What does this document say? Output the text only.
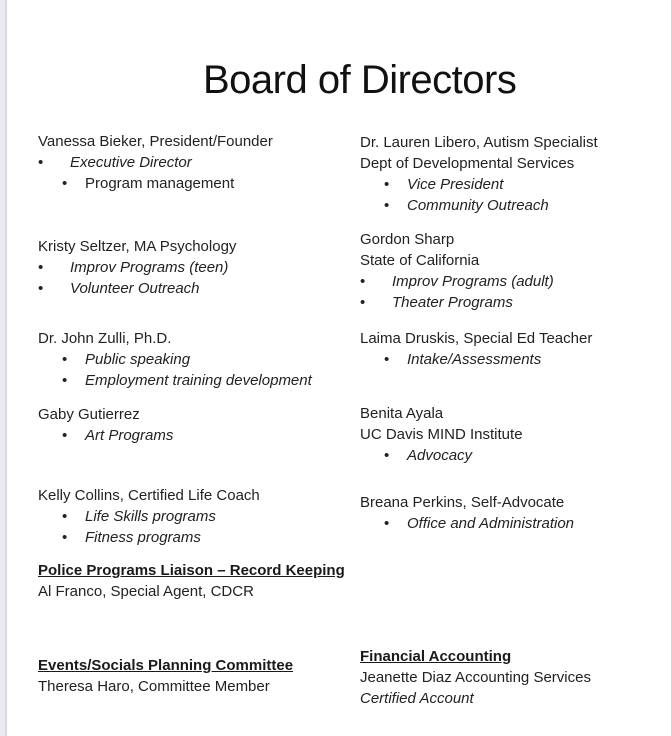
Board of Directors
Vanessa Bieker, President/Founder
•	Executive Director
•	Program management
Kristy Seltzer, MA Psychology
•	Improv Programs (teen)
•	Volunteer Outreach
Dr. John Zulli, Ph.D.
•	Public speaking
•	Employment training development
Gaby Gutierrez
•	Art Programs
Kelly Collins, Certified Life Coach
•	Life Skills programs
•	Fitness programs
Police Programs Liaison – Record Keeping
Al Franco, Special Agent, CDCR
Events/Socials Planning Committee
Theresa Haro, Committee Member
Dr. Lauren Libero, Autism Specialist
Dept of Developmental Services
•	Vice President
•	Community Outreach
Gordon Sharp
State of California
•	Improv Programs (adult)
•	Theater Programs
Laima Druskis, Special Ed Teacher
•	Intake/Assessments
Benita Ayala
UC Davis MIND Institute
•	Advocacy
Breana Perkins, Self-Advocate
•	Office and Administration
Financial Accounting
Jeanette Diaz Accounting Services
Certified Account
